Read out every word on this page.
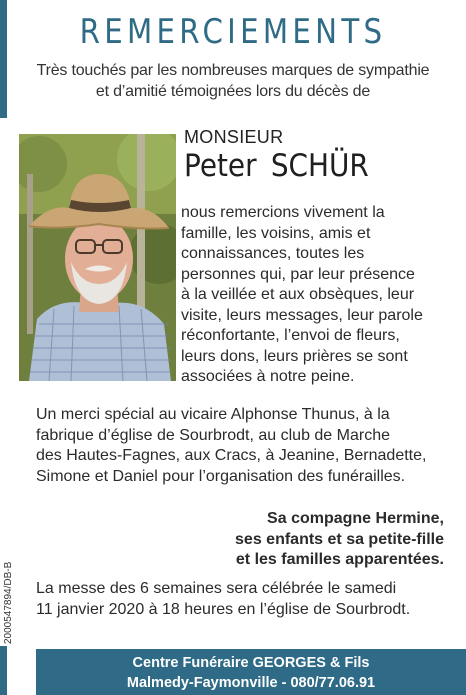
REMERCIEMENTS
Très touchés par les nombreuses marques de sympathie
et d’amitié témoignées lors du décès de
MONSIEUR
Peter SCHÜR
nous remercions vivement la
famille, les voisins, amis et
connaissances, toutes les
personnes qui, par leur présence
à la veillée et aux obsèques, leur
visite, leurs messages, leur parole
réconfortante, l’envoi de fleurs,
leurs dons, leurs prières se sont
associées à notre peine.
Un merci spécial au vicaire Alphonse Thunus, à la
fabrique d’église de Sourbrodt, au club de Marche
des Hautes-Fagnes, aux Cracs, à Jeanine, Bernadette,
Simone et Daniel pour l’organisation des funérailles.
Sa compagne Hermine,
ses enfants et sa petite-fille
et les familles apparentées.
La messe des 6 semaines sera célébrée le samedi
11 janvier 2020 à 18 heures en l’église de Sourbrodt.
2000547894/DB-B
Centre Funéraire GEORGES & Fils
Malmedy-Faymonville - 080/77.06.91
